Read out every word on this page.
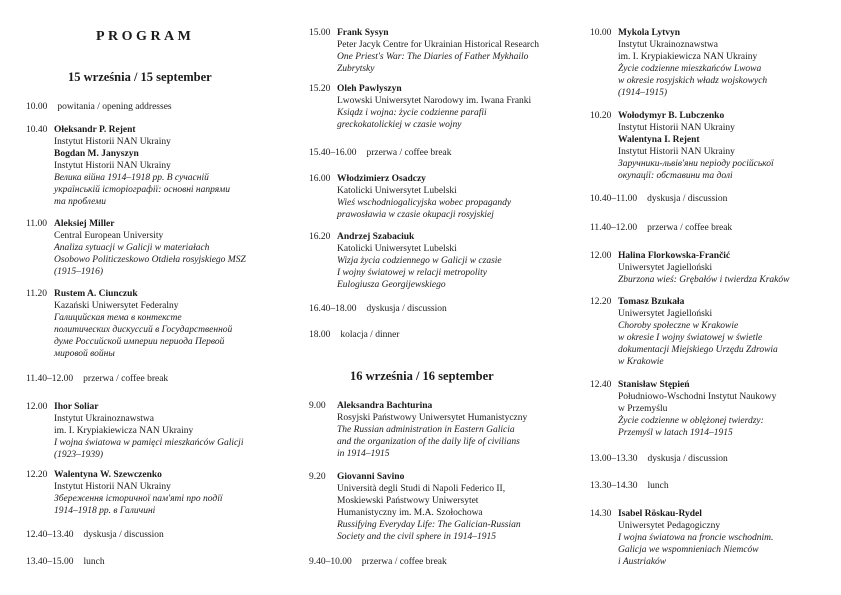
PROGRAM
15 września / 15 september
16 września / 16 september
10.00 powitania / opening addresses
10.40 Ołeksandr P. Rejent
Instytut Historii NAN Ukrainy
Bogdan M. Janyszyn
Instytut Historii NAN Ukrainy
Велика війна 1914–1918 рр. В сучасній
українській історіографії: основні напрями
та проблеми
11.00 Aleksiej Miller
Central European University
Analiza sytuacji w Galicji w materiałach
Osobowo Politiczeskowo Otdieła rosyjskiego MSZ
(1915–1916)
11.20 Rustem A. Ciunczuk
Kazański Uniwersytet Federalny
Галицийская тема в контексте
политических дискуссий в Государственной
думе Российской империи периода Первой
мировой войны
11.40–12.00 przerwa / coffee break
12.00 Ihor Soliar
Instytut Ukrainoznawstwa
im. I. Krypiakiewicza NAN Ukrainy
I wojna światowa w pamięci mieszkańców Galicji
(1923–1939)
12.20 Walentyna W. Szewczenko
Instytut Historii NAN Ukrainy
Збереження історичної пам'яті про події
1914–1918 рр. в Галичині
12.40–13.40 dyskusja / discussion
13.40–15.00 lunch
15.00 Frank Sysyn
Peter Jacyk Centre for Ukrainian Historical Research
One Priest's War: The Diaries of Father Mykhailo
Zubrytsky
15.20 Oleh Pawlyszyn
Lwowski Uniwersytet Narodowy im. Iwana Franki
Ksiądz i wojna: życie codzienne parafii
greckokatolickiej w czasie wojny
15.40–16.00 przerwa / coffee break
16.00 Włodzimierz Osadczy
Katolicki Uniwersytet Lubelski
Wieś wschodniogalicyjska wobec propagandy
prawosławia w czasie okupacji rosyjskiej
16.20 Andrzej Szabaciuk
Katolicki Uniwersytet Lubelski
Wizja życia codziennego w Galicji w czasie
I wojny światowej w relacji metropolity
Eulogiusza Georgijewskiego
16.40–18.00 dyskusja / discussion
18.00 kolacja / dinner
9.00	Aleksandra Bachturina
Rosyjski Państwowy Uniwersytet Humanistyczny
The Russian administration in Eastern Galicia
and the organization of the daily life of civilians
in 1914–1915
9.20	Giovanni Savino
Università degli Studi di Napoli Federico II,
Moskiewski Państwowy Uniwersytet
Humanistyczny im. M.A. Szołochowa
Russifying Everyday Life: The Galician-Russian
Society and the civil sphere in 1914–1915
9.40–10.00 przerwa / coffee break
10.00 Mykola Lytvyn
Instytut Ukrainoznawstwa
im. I. Krypiakiewicza NAN Ukrainy
Życie codzienne mieszkańców Lwowa
w okresie rosyjskich władz wojskowych
(1914–1915)
10.20 Wołodymyr B. Lubczenko
Instytut Historii NAN Ukrainy
Walentyna I. Rejent
Instytut Historii NAN Ukrainy
Заручники-львів'яни періоду російської
окупації: обставини та долі
10.40–11.00 dyskusja / discussion
11.40–12.00 przerwa / coffee break
12.00 Halina Florkowska-Frančić
Uniwersytet Jagielloński
Zburzona wieś: Grębałów i twierdza Kraków
12.20 Tomasz Bzukała
Uniwersytet Jagielloński
Choroby społeczne w Krakowie
w okresie I wojny światowej w świetle
dokumentacji Miejskiego Urzędu Zdrowia
w Krakowie
12.40 Stanisław Stępień
Południowo-Wschodni Instytut Naukowy
w Przemyślu
Życie codzienne w oblężonej twierdzy:
Przemyśl w latach 1914–1915
13.00–13.30 dyskusja / discussion
13.30–14.30 lunch
14.30 Isabel Röskau-Rydel
Uniwersytet Pedagogiczny
I wojna światowa na froncie wschodnim.
Galicja we wspomnieniach Niemców
i Austriaków
